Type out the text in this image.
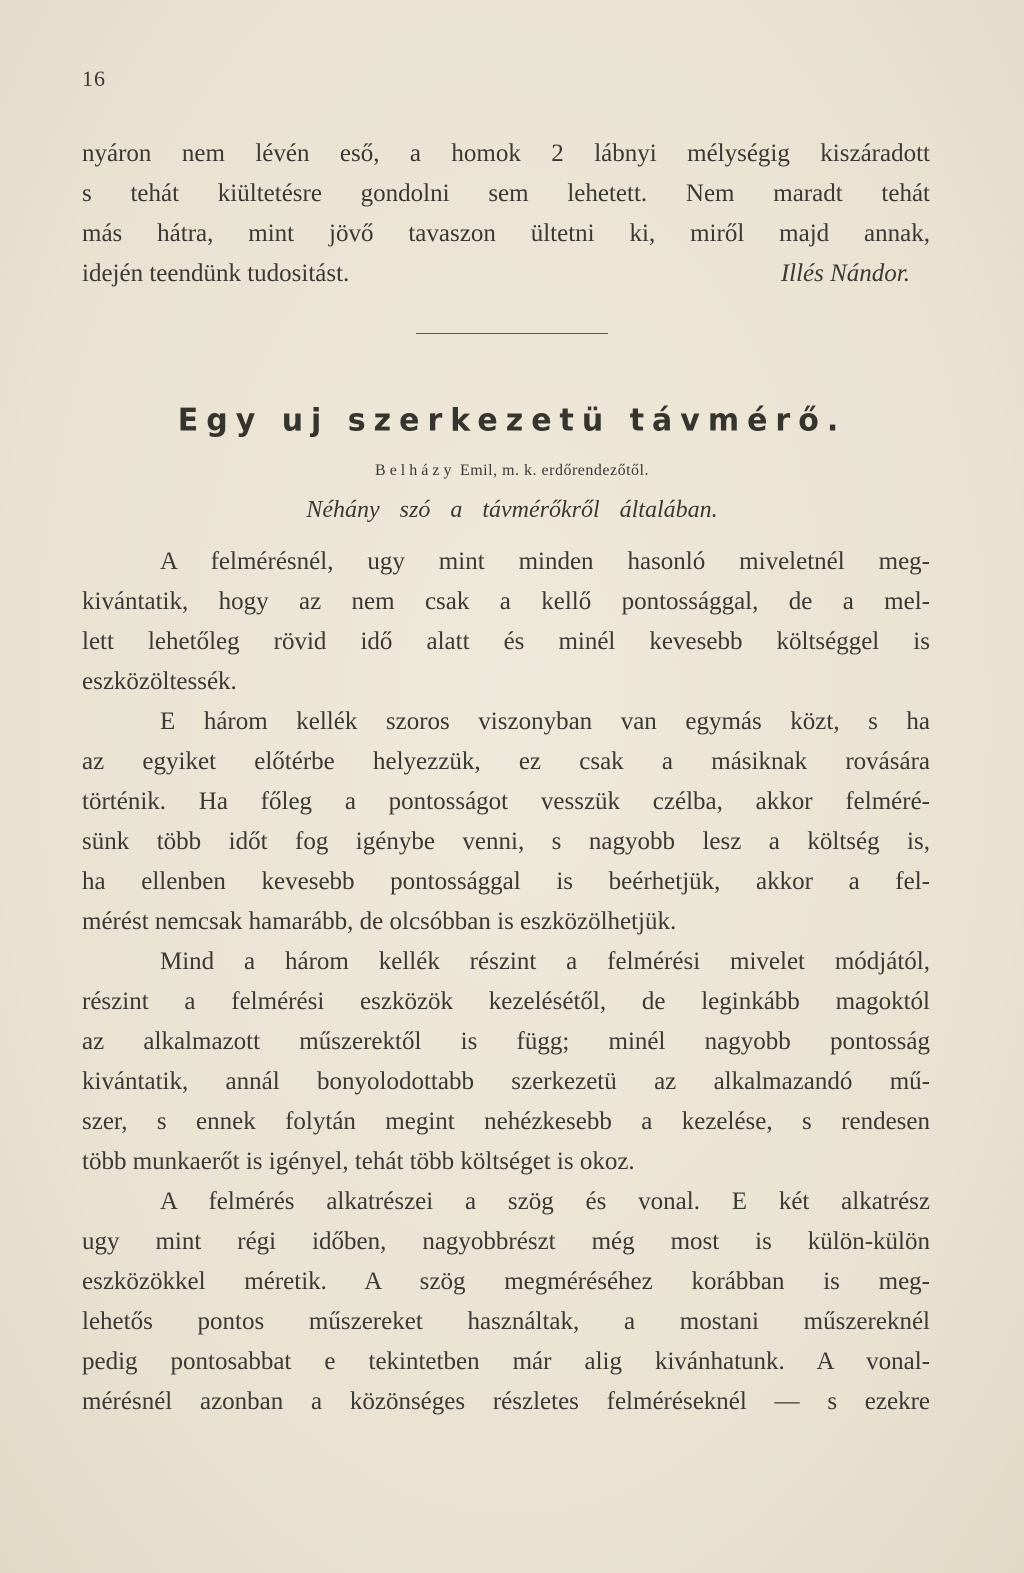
16
nyáron nem lévén eső, a homok 2 lábnyi mélységig kiszáradott
s tehát kiültetésre gondolni sem lehetett. Nem maradt tehát
más hátra, mint jövő tavaszon ültetni ki, miről majd annak,
idején teendünk tudositást.	Illés Nándor.
Egy uj szerkezetü távmérő.
Belházy Emil, m. k. erdőrendezőtől.
Néhány szó a távmérőkről általában.
A felmérésnél, ugy mint minden hasonló miveletnél meg-
kivántatik, hogy az nem csak a kellő pontossággal, de a mel-
lett lehetőleg rövid idő alatt és minél kevesebb költséggel is
eszközöltessék.
E három kellék szoros viszonyban van egymás közt, s ha
az egyiket előtérbe helyezzük, ez csak a másiknak rovására
történik. Ha főleg a pontosságot vesszük czélba, akkor felméré-
sünk több időt fog igénybe venni, s nagyobb lesz a költség is,
ha ellenben kevesebb pontossággal is beérhetjük, akkor a fel-
mérést nemcsak hamarább, de olcsóbban is eszközölhetjük.
Mind a három kellék részint a felmérési mivelet módjától,
részint a felmérési eszközök kezelésétől, de leginkább magoktól
az alkalmazott műszerektől is függ; minél nagyobb pontosság
kivántatik, annál bonyolodottabb szerkezetü az alkalmazandó mű-
szer, s ennek folytán megint nehézkesebb a kezelése, s rendesen
több munkaerőt is igényel, tehát több költséget is okoz.
A felmérés alkatrészei a szög és vonal. E két alkatrész
ugy mint régi időben, nagyobbrészt még most is külön-külön
eszközökkel méretik. A szög megméréséhez korábban is meg-
lehetős pontos műszereket használtak, a mostani műszereknél
pedig pontosabbat e tekintetben már alig kivánhatunk. A vonal-
mérésnél azonban a közönséges részletes felméréseknél — s ezekre
